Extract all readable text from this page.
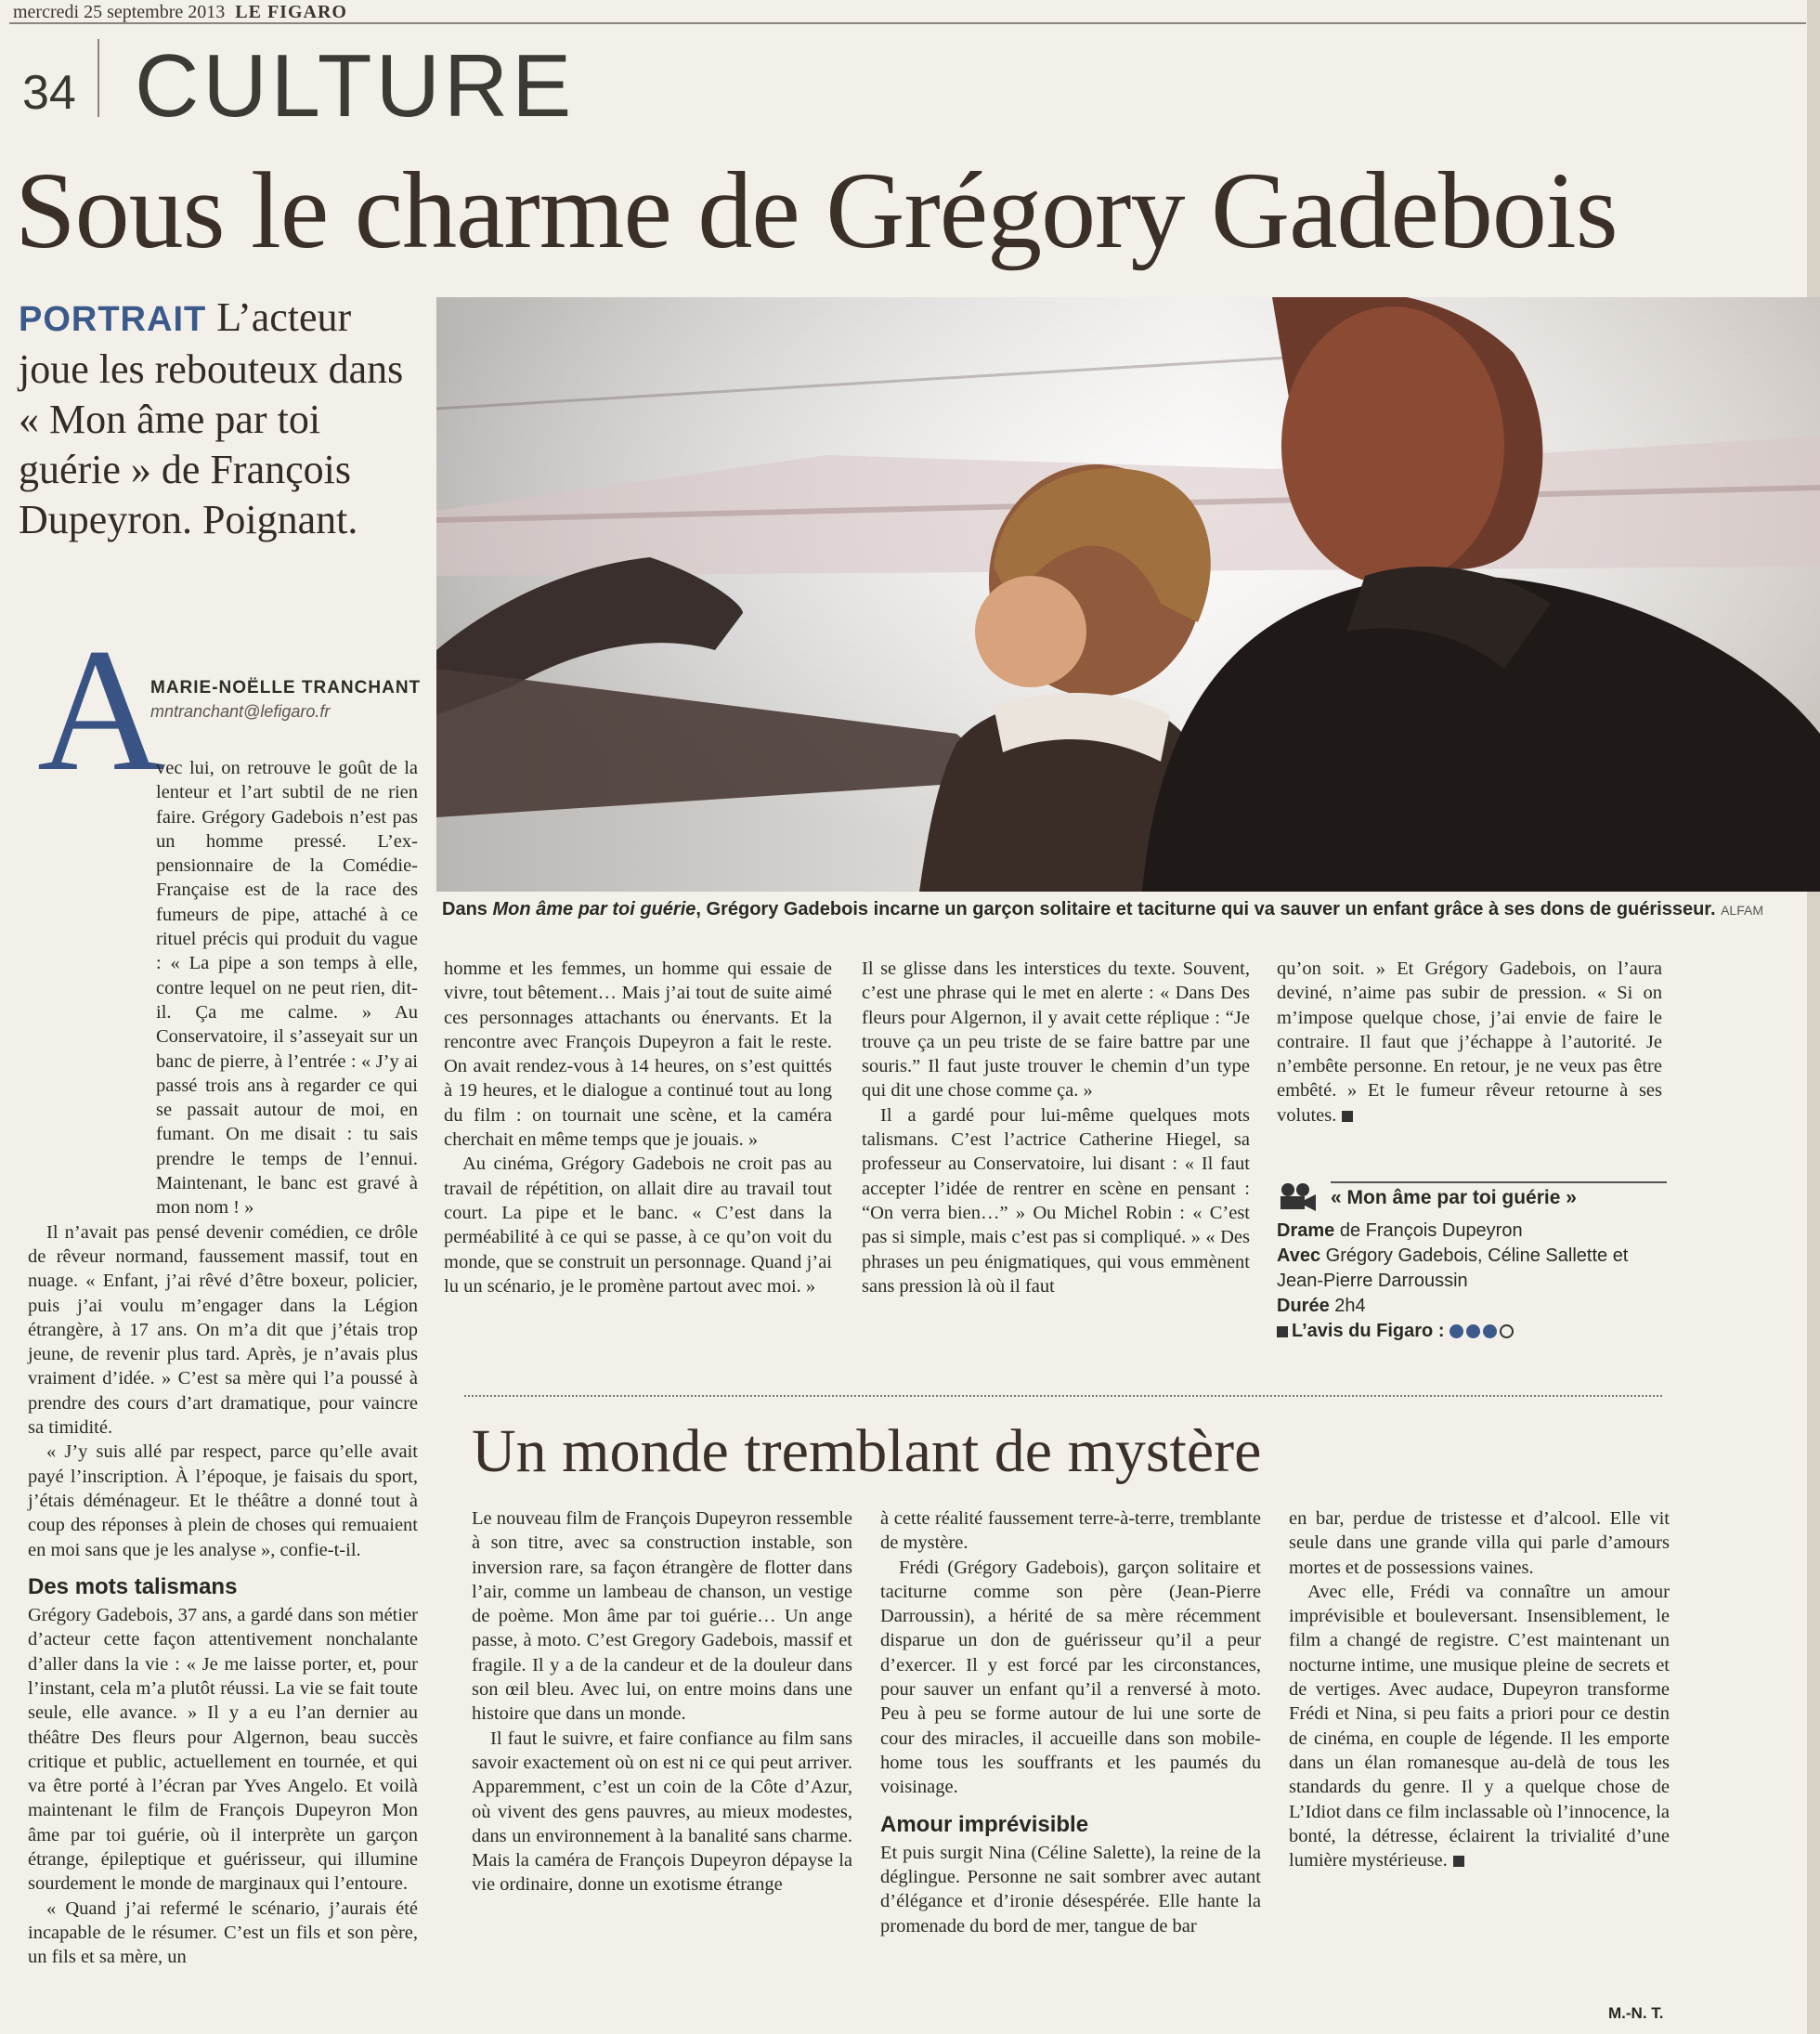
mercredi 25 septembre 2013 LE FIGARO
34 CULTURE
Sous le charme de Grégory Gadebois
PORTRAIT L’acteur joue les rebouteux dans « Mon âme par toi guérie » de François Dupeyron. Poignant.
Dans Mon âme par toi guérie, Grégory Gadebois incarne un garçon solitaire et taciturne qui va sauver un enfant grâce à ses dons de guérisseur. ALFAM
A
MARIE-NOËLLE TRANCHANT
mntranchant@lefigaro.fr

vec lui, on retrouve le goût de la lenteur et l’art subtil de ne rien faire. Grégory Gadebois n’est pas un homme pressé. L’ex-pensionnaire de la Comédie-Française est de la race des fumeurs de pipe, attaché à ce rituel précis qui produit du vague : « La pipe a son temps à elle, contre lequel on ne peut rien, dit-il. Ça me calme. » Au Conservatoire, il s’asseyait sur un banc de pierre, à l’entrée : « J’y ai passé trois ans à regarder ce qui se passait autour de moi, en fumant. On me disait : tu sais prendre le temps de l’ennui. Maintenant, le banc est gravé à mon nom ! »

Il n’avait pas pensé devenir comédien, ce drôle de rêveur normand, faussement massif, tout en nuage. « Enfant, j’ai rêvé d’être boxeur, policier, puis j’ai voulu m’engager dans la Légion étrangère, à 17 ans. On m’a dit que j’étais trop jeune, de revenir plus tard. Après, je n’avais plus vraiment d’idée. » C’est sa mère qui l’a poussé à prendre des cours d’art dramatique, pour vaincre sa timidité.

« J’y suis allé par respect, parce qu’elle avait payé l’inscription. À l’époque, je faisais du sport, j’étais déménageur. Et le théâtre a donné tout à coup des réponses à plein de choses qui remuaient en moi sans que je les analyse », confie-t-il.

Des mots talismans

Grégory Gadebois, 37 ans, a gardé dans son métier d’acteur cette façon attentivement nonchalante d’aller dans la vie : « Je me laisse porter, et, pour l’instant, cela m’a plutôt réussi. La vie se fait toute seule, elle avance. » Il y a eu l’an dernier au théâtre Des fleurs pour Algernon, beau succès critique et public, actuellement en tournée, et qui va être porté à l’écran par Yves Angelo. Et voilà maintenant le film de François Dupeyron Mon âme par toi guérie, où il interprète un garçon étrange, épileptique et guérisseur, qui illumine sourdement le monde de marginaux qui l’entoure.

« Quand j’ai refermé le scénario, j’aurais été incapable de le résumer. C’est un fils et son père, un fils et sa mère, un

homme et les femmes, un homme qui essaie de vivre, tout bêtement… Mais j’ai tout de suite aimé ces personnages attachants ou énervants. Et la rencontre avec François Dupeyron a fait le reste. On avait rendez-vous à 14 heures, on s’est quittés à 19 heures, et le dialogue a continué tout au long du film : on tournait une scène, et la caméra cherchait en même temps que je jouais. »

Au cinéma, Grégory Gadebois ne croit pas au travail de répétition, on allait dire au travail tout court. La pipe et le banc. « C’est dans la perméabilité à ce qui se passe, à ce qu’on voit du monde, que se construit un personnage. Quand j’ai lu un scénario, je le promène partout avec moi. »

Il se glisse dans les interstices du texte. Souvent, c’est une phrase qui le met en alerte : « Dans Des fleurs pour Algernon, il y avait cette réplique : “Je trouve ça un peu triste de se faire battre par une souris.” Il faut juste trouver le chemin d’un type qui dit une chose comme ça. »

Il a gardé pour lui-même quelques mots talismans. C’est l’actrice Catherine Hiegel, sa professeur au Conservatoire, lui disant : « Il faut accepter l’idée de rentrer en scène en pensant : “On verra bien…” » Ou Michel Robin : « C’est pas si simple, mais c’est pas si compliqué. » « Des phrases un peu énigmatiques, qui vous emmènent sans pression là où il faut

qu’on soit. » Et Grégory Gadebois, on l’aura deviné, n’aime pas subir de pression. « Si on m’impose quelque chose, j’ai envie de faire le contraire. Il faut que j’échappe à l’autorité. Je n’embête personne. En retour, je ne veux pas être embêté. » Et le fumeur rêveur retourne à ses volutes.

« Mon âme par toi guérie »
Drame de François Dupeyron
Avec Grégory Gadebois, Céline Sallette et Jean-Pierre Darroussin
Durée 2h4
L’avis du Figaro :
Un monde tremblant de mystère

Le nouveau film de François Dupeyron ressemble à son titre, avec sa construction instable, son inversion rare, sa façon étrangère de flotter dans l’air, comme un lambeau de chanson, un vestige de poème. Mon âme par toi guérie… Un ange passe, à moto. C’est Gregory Gadebois, massif et fragile. Il y a de la candeur et de la douleur dans son œil bleu. Avec lui, on entre moins dans une histoire que dans un monde.

Il faut le suivre, et faire confiance au film sans savoir exactement où on est ni ce qui peut arriver. Apparemment, c’est un coin de la Côte d’Azur, où vivent des gens pauvres, au mieux modestes, dans un environnement à la banalité sans charme. Mais la caméra de François Dupeyron dépayse la vie ordinaire, donne un exotisme étrange

à cette réalité faussement terre-à-terre, tremblante de mystère.

Frédi (Grégory Gadebois), garçon solitaire et taciturne comme son père (Jean-Pierre Darroussin), a hérité de sa mère récemment disparue un don de guérisseur qu’il a peur d’exercer. Il y est forcé par les circonstances, pour sauver un enfant qu’il a renversé à moto. Peu à peu se forme autour de lui une sorte de cour des miracles, il accueille dans son mobile-home tous les souffrants et les paumés du voisinage.

Amour imprévisible

Et puis surgit Nina (Céline Salette), la reine de la déglingue. Personne ne sait sombrer avec autant d’élégance et d’ironie désespérée. Elle hante la promenade du bord de mer, tangue de bar

en bar, perdue de tristesse et d’alcool. Elle vit seule dans une grande villa qui parle d’amours mortes et de possessions vaines.

Avec elle, Frédi va connaître un amour imprévisible et bouleversant. Insensiblement, le film a changé de registre. C’est maintenant un nocturne intime, une musique pleine de secrets et de vertiges. Avec audace, Dupeyron transforme Frédi et Nina, si peu faits a priori pour ce destin de cinéma, en couple de légende. Il les emporte dans un élan romanesque au-delà de tous les standards du genre. Il y a quelque chose de L’Idiot dans ce film inclassable où l’innocence, la bonté, la détresse, éclairent la trivialité d’une lumière mystérieuse.

M.-N. T.
